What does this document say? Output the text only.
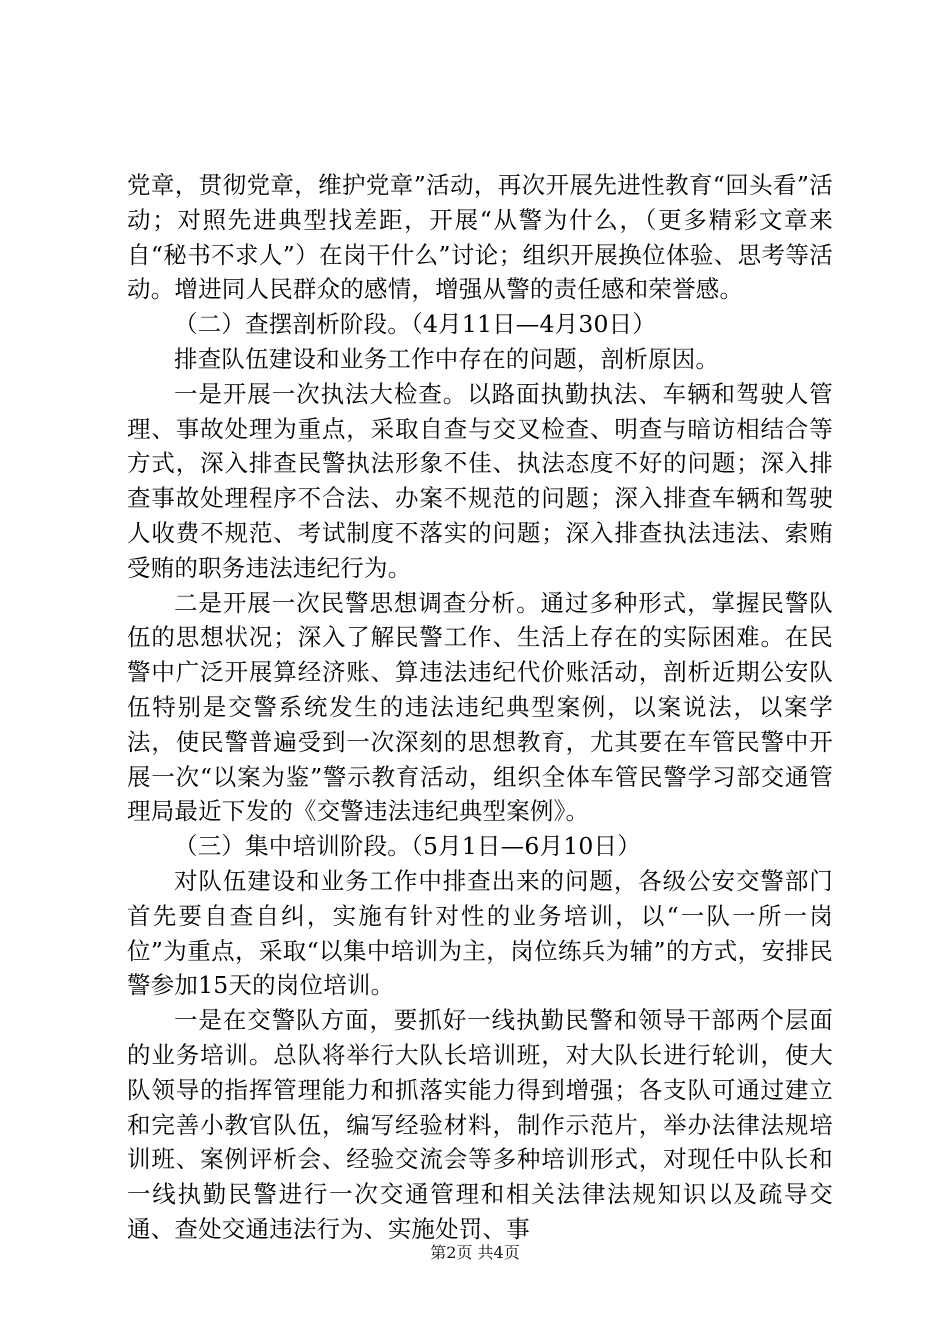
党章，贯彻党章，维护党章”活动，再次开展先进性教育“回头看”活动；对照先进典型找差距，开展“从警为什么，（更多精彩文章来自“秘书不求人”）在岗干什么”讨论；组织开展换位体验、思考等活动。增进同人民群众的感情，增强从警的责任感和荣誉感。

（二）查摆剖析阶段。（4月11日—4月30日）

排查队伍建设和业务工作中存在的问题，剖析原因。

一是开展一次执法大检查。以路面执勤执法、车辆和驾驶人管理、事故处理为重点，采取自查与交叉检查、明查与暗访相结合等方式，深入排查民警执法形象不佳、执法态度不好的问题；深入排查事故处理程序不合法、办案不规范的问题；深入排查车辆和驾驶人收费不规范、考试制度不落实的问题；深入排查执法违法、索贿受贿的职务违法违纪行为。

二是开展一次民警思想调查分析。通过多种形式，掌握民警队伍的思想状况；深入了解民警工作、生活上存在的实际困难。在民警中广泛开展算经济账、算违法违纪代价账活动，剖析近期公安队伍特别是交警系统发生的违法违纪典型案例，以案说法，以案学法，使民警普遍受到一次深刻的思想教育，尤其要在车管民警中开展一次“以案为鉴”警示教育活动，组织全体车管民警学习部交通管理局最近下发的《交警违法违纪典型案例》。

（三）集中培训阶段。（5月1日—6月10日）

对队伍建设和业务工作中排查出来的问题，各级公安交警部门首先要自查自纠，实施有针对性的业务培训，以“一队一所一岗位”为重点，采取“以集中培训为主，岗位练兵为辅”的方式，安排民警参加15天的岗位培训。

一是在交警队方面，要抓好一线执勤民警和领导干部两个层面的业务培训。总队将举行大队长培训班，对大队长进行轮训，使大队领导的指挥管理能力和抓落实能力得到增强；各支队可通过建立和完善小教官队伍，编写经验材料，制作示范片，举办法律法规培训班、案例评析会、经验交流会等多种培训形式，对现任中队长和一线执勤民警进行一次交通管理和相关法律法规知识以及疏导交通、查处交通违法行为、实施处罚、事

第2页 共4页
